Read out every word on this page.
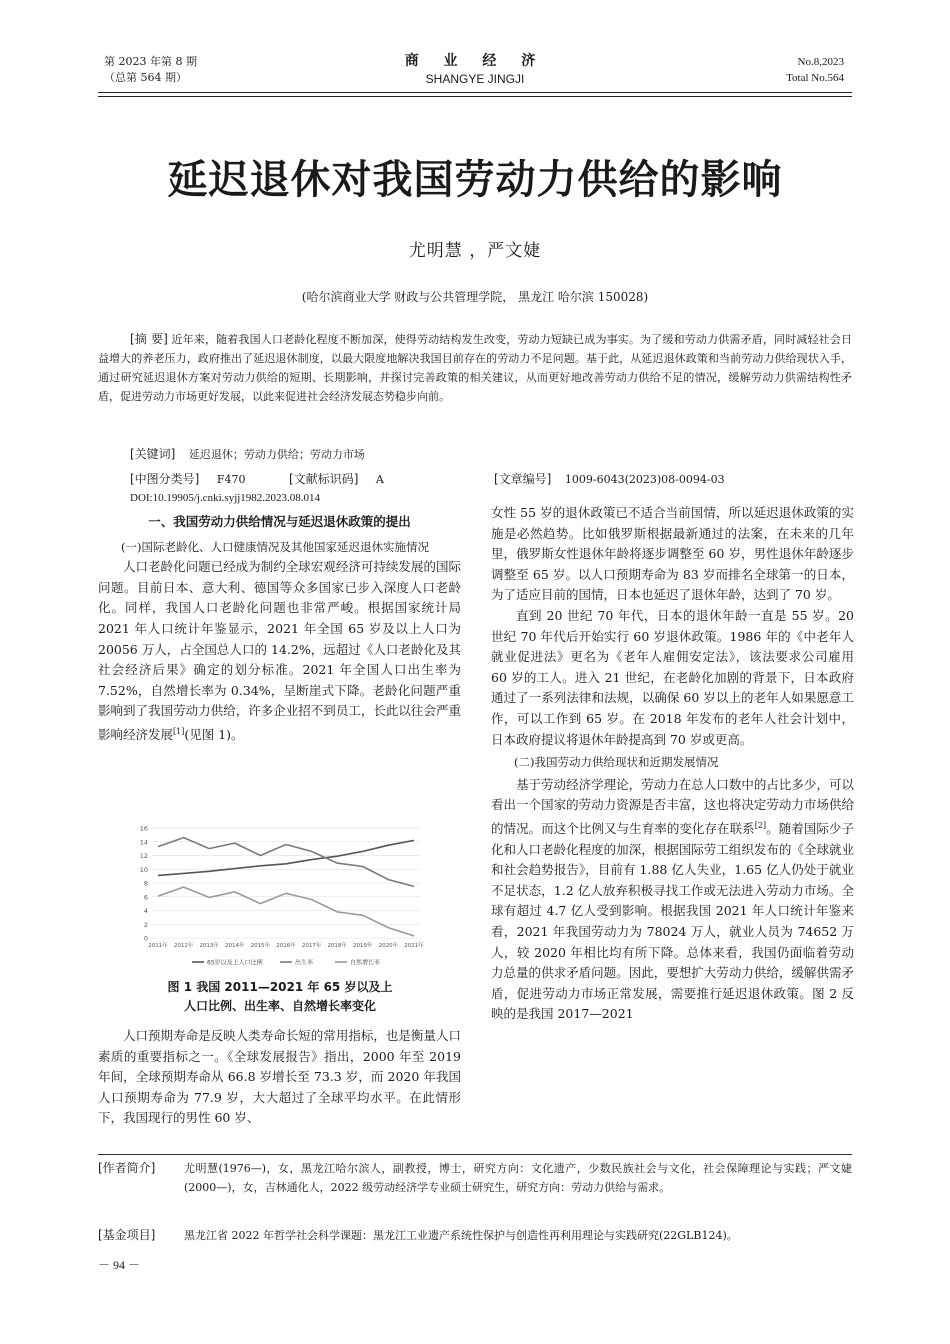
第 2023 年第 8 期
（总第 564 期）
商 业 经 济
SHANGYE JINGJI
No.8,2023
Total No.564
延迟退休对我国劳动力供给的影响
尤明慧 ，严文婕
(哈尔滨商业大学 财政与公共管理学院， 黑龙江 哈尔滨 150028)
[摘 要] 近年来，随着我国人口老龄化程度不断加深，使得劳动结构发生改变，劳动力短缺已成为事实。为了缓和劳动力供需矛盾，同时减轻社会日益增大的养老压力，政府推出了延迟退休制度，以最大限度地解决我国目前存在的劳动力不足问题。基于此，从延迟退休政策和当前劳动力供给现状入手，通过研究延迟退休方案对劳动力供给的短期、长期影响，并探讨完善政策的相关建议，从而更好地改善劳动力供给不足的情况，缓解劳动力供需结构性矛盾，促进劳动力市场更好发展，以此来促进社会经济发展态势稳步向前。
[关键词] 延迟退休；劳动力供给；劳动力市场
[中图分类号] F470	[文献标识码] A	[文章编号] 1009-6043(2023)08-0094-03
DOI:10.19905/j.cnki.syjj1982.2023.08.014

一、我国劳动力供给情况与延迟退休政策的提出

(一)国际老龄化、人口健康情况及其他国家延迟退休实施情况

人口老龄化问题已经成为制约全球宏观经济可持续发展的国际问题。目前日本、意大利、德国等众多国家已步入深度人口老龄化。同样，我国人口老龄化问题也非常严峻。根据国家统计局 2021 年人口统计年鉴显示，2021 年全国 65 岁及以上人口为 20056 万人，占全国总人口的 14.2%，远超过《人口老龄化及其社会经济后果》确定的划分标准。2021 年全国人口出生率为 7.52%，自然增长率为 0.34%，呈断崖式下降。老龄化问题严重影响到了我国劳动力供给，许多企业招不到员工，长此以往会严重影响经济发展[1](见图 1)。

0
2
4
6
8
10
12
14
16
2011年 2012年 2013年 2014年 2015年 2016年 2017年 2018年 2019年 2020年 2021年
65岁以及上人口比例	出生率	自然增长率
图 1 我国 2011—2021 年 65 岁以及上
人口比例、出生率、自然增长率变化

人口预期寿命是反映人类寿命长短的常用指标，也是衡量人口素质的重要指标之一。《全球发展报告》指出，2000 年至 2019 年间，全球预期寿命从 66.8 岁增长至 73.3 岁，而 2020 年我国人口预期寿命为 77.9 岁，大大超过了全球平均水平。在此情形下，我国现行的男性 60 岁、

女性 55 岁的退休政策已不适合当前国情，所以延迟退休政策的实施是必然趋势。比如俄罗斯根据最新通过的法案，在未来的几年里，俄罗斯女性退休年龄将逐步调整至 60 岁，男性退休年龄逐步调整至 65 岁。以人口预期寿命为 83 岁而排名全球第一的日本，为了适应目前的国情，日本也延迟了退休年龄，达到了 70 岁。

直到 20 世纪 70 年代，日本的退休年龄一直是 55 岁。20 世纪 70 年代后开始实行 60 岁退休政策。1986 年的《中老年人就业促进法》更名为《老年人雇佣安定法》，该法要求公司雇用 60 岁的工人。进入 21 世纪，在老龄化加剧的背景下，日本政府通过了一系列法律和法规，以确保 60 岁以上的老年人如果愿意工作，可以工作到 65 岁。在 2018 年发布的老年人社会计划中，日本政府提议将退休年龄提高到 70 岁或更高。

(二)我国劳动力供给现状和近期发展情况

基于劳动经济学理论，劳动力在总人口数中的占比多少，可以看出一个国家的劳动力资源是否丰富，这也将决定劳动力市场供给的情况。而这个比例又与生育率的变化存在联系[2]。随着国际少子化和人口老龄化程度的加深，根据国际劳工组织发布的《全球就业和社会趋势报告》，目前有 1.88 亿人失业，1.65 亿人仍处于就业不足状态，1.2 亿人放弃积极寻找工作或无法进入劳动力市场。全球有超过 4.7 亿人受到影响。根据我国 2021 年人口统计年鉴来看，2021 年我国劳动力为 78024 万人，就业人员为 74652 万人，较 2020 年相比均有所下降。总体来看，我国仍面临着劳动力总量的供求矛盾问题。因此，要想扩大劳动力供给，缓解供需矛盾，促进劳动力市场正常发展，需要推行延迟退休政策。图 2 反映的是我国 2017—2021

[作者简介]	尤明慧(1976—)，女，黑龙江哈尔滨人，副教授，博士，研究方向：文化遗产，少数民族社会与文化，社会保障理论与实践；严文婕(2000—)，女，吉林通化人，2022 级劳动经济学专业硕士研究生，研究方向：劳动力供给与需求。
[基金项目]	黑龙江省 2022 年哲学社会科学课题：黑龙江工业遗产系统性保护与创造性再利用理论与实践研究(22GLB124)。
－ 94 －
